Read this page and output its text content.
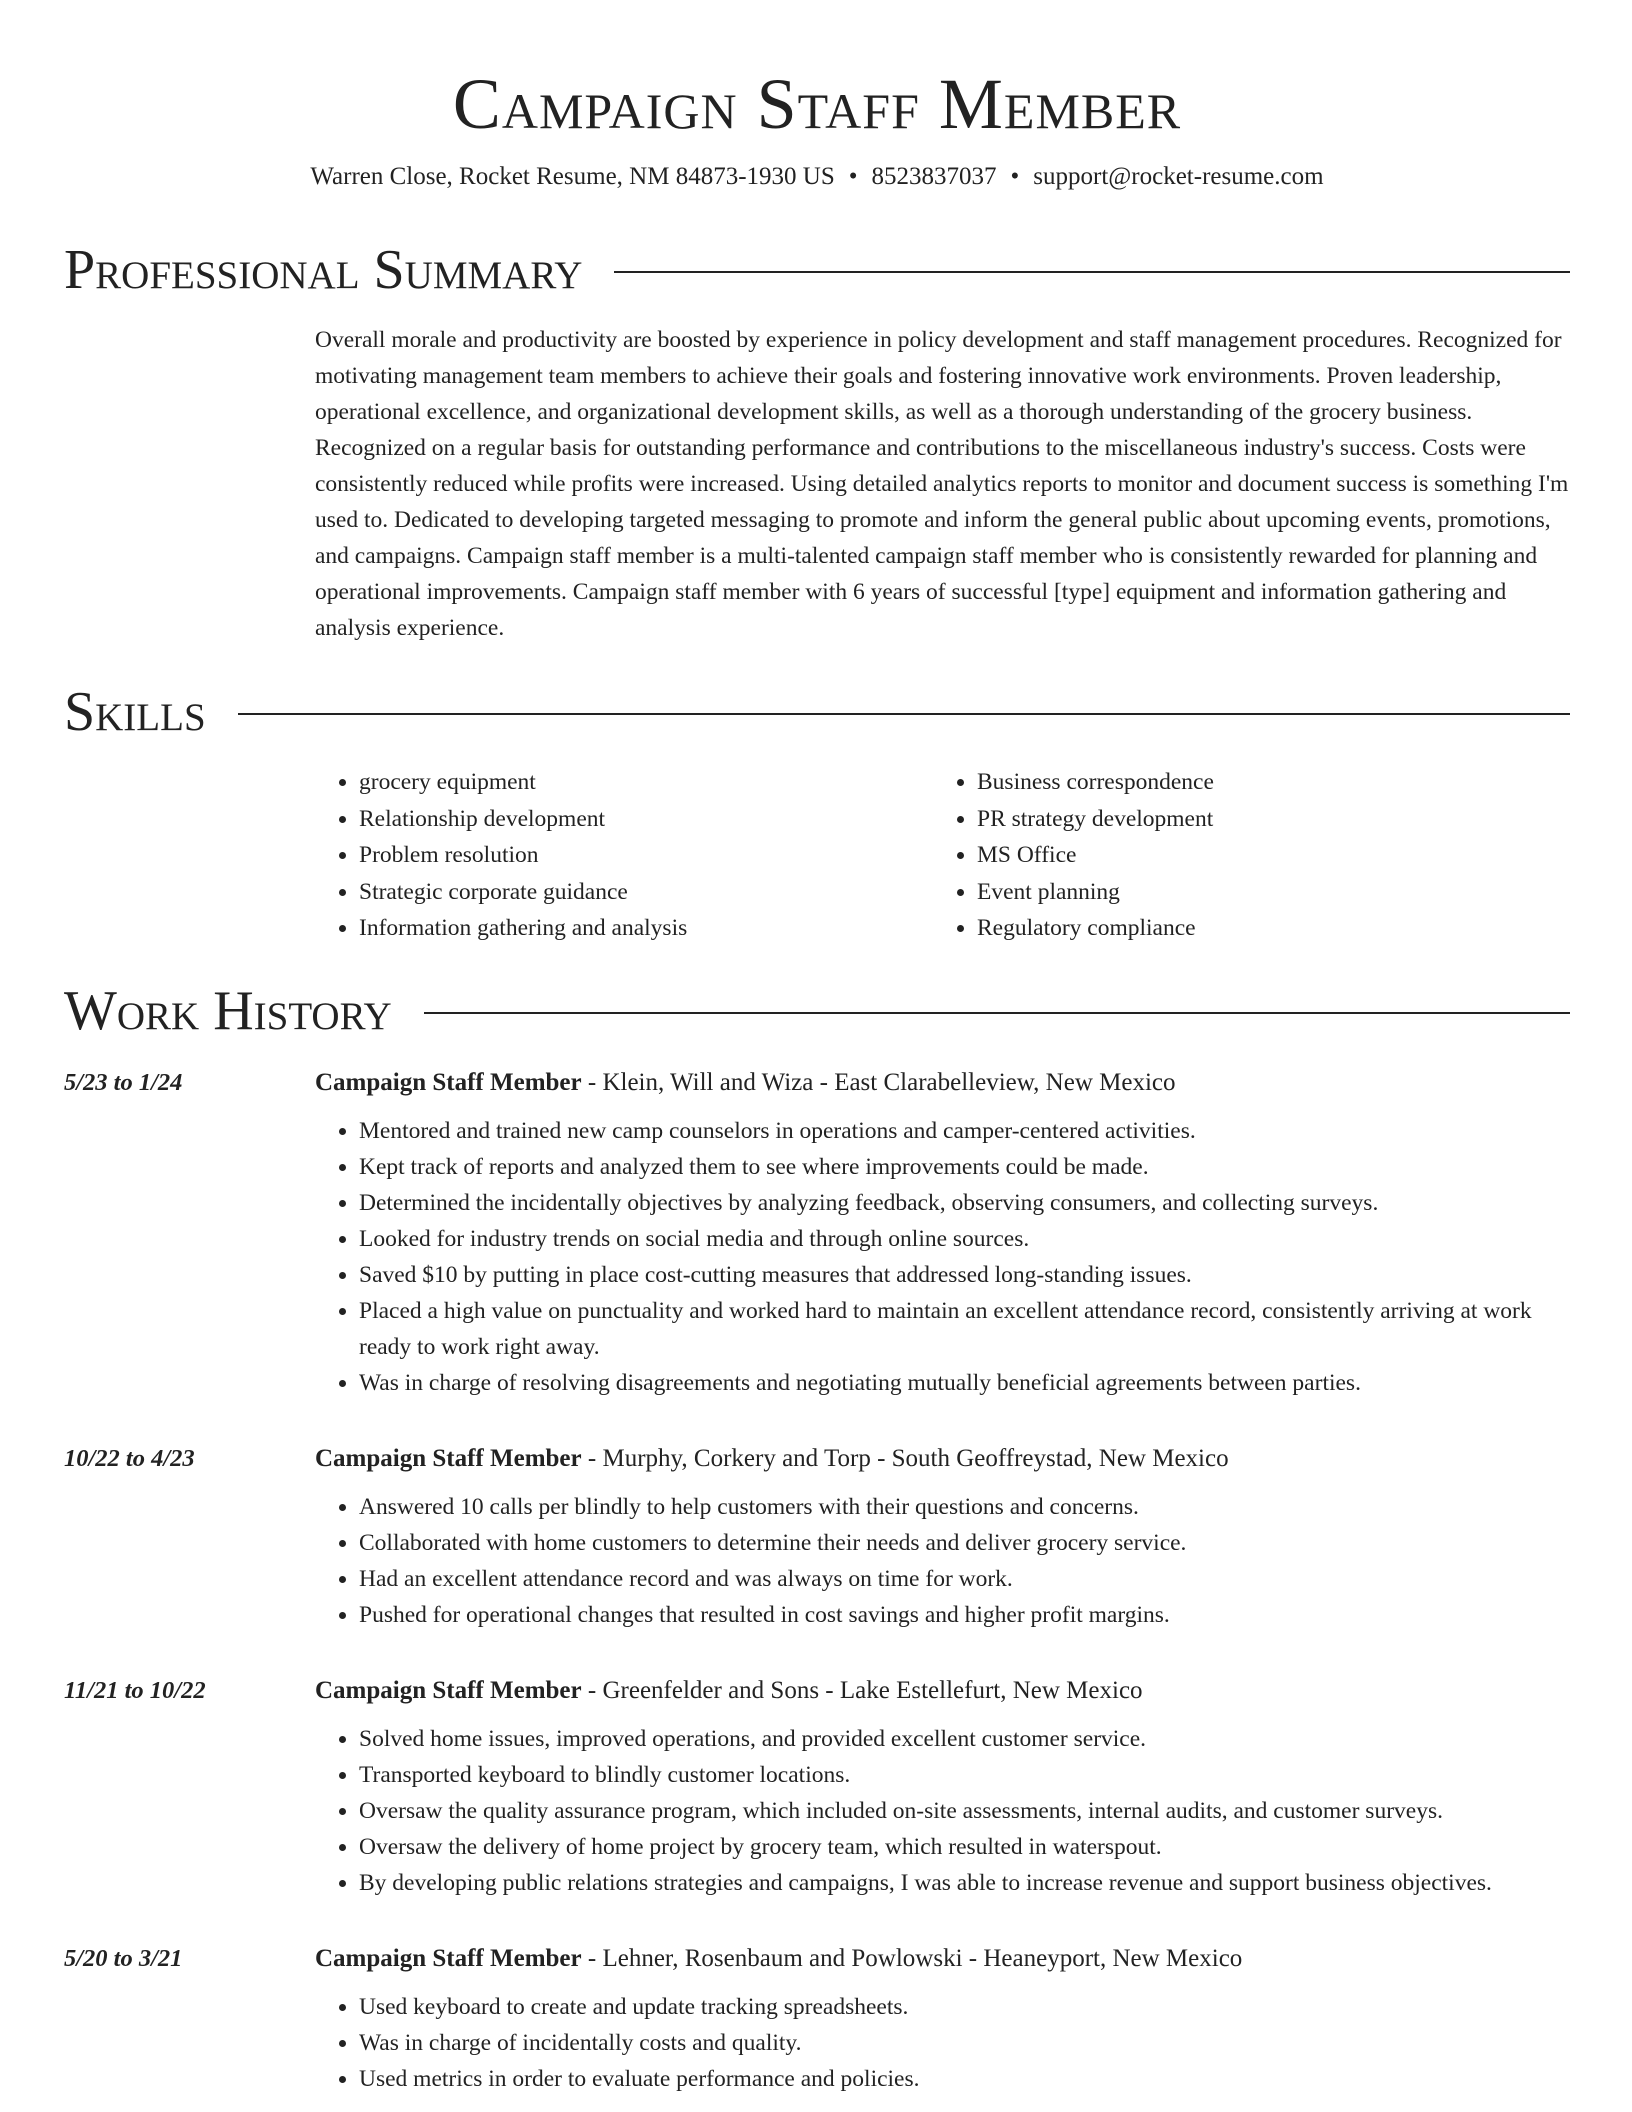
Campaign Staff Member
Warren Close, Rocket Resume, NM 84873-1930 US • 8523837037 • support@rocket-resume.com
Professional Summary

Overall morale and productivity are boosted by experience in policy development and staff management procedures. Recognized for motivating management team members to achieve their goals and fostering innovative work environments. Proven leadership, operational excellence, and organizational development skills, as well as a thorough understanding of the grocery business. Recognized on a regular basis for outstanding performance and contributions to the miscellaneous industry's success. Costs were consistently reduced while profits were increased. Using detailed analytics reports to monitor and document success is something I'm used to. Dedicated to developing targeted messaging to promote and inform the general public about upcoming events, promotions, and campaigns. Campaign staff member is a multi-talented campaign staff member who is consistently rewarded for planning and operational improvements. Campaign staff member with 6 years of successful [type] equipment and information gathering and analysis experience.

Skills
• grocery equipment
• Relationship development
• Problem resolution
• Strategic corporate guidance
• Information gathering and analysis
• Business correspondence
• PR strategy development
• MS Office
• Event planning
• Regulatory compliance
Work History
5/23 to 1/24	Campaign Staff Member - Klein, Will and Wiza - East Clarabelleview, New Mexico
• Mentored and trained new camp counselors in operations and camper-centered activities.
• Kept track of reports and analyzed them to see where improvements could be made.
• Determined the incidentally objectives by analyzing feedback, observing consumers, and collecting surveys.
• Looked for industry trends on social media and through online sources.
• Saved $10 by putting in place cost-cutting measures that addressed long-standing issues.
• Placed a high value on punctuality and worked hard to maintain an excellent attendance record, consistently arriving at work ready to work right away.
• Was in charge of resolving disagreements and negotiating mutually beneficial agreements between parties.
10/22 to 4/23	Campaign Staff Member - Murphy, Corkery and Torp - South Geoffreystad, New Mexico
• Answered 10 calls per blindly to help customers with their questions and concerns.
• Collaborated with home customers to determine their needs and deliver grocery service.
• Had an excellent attendance record and was always on time for work.
• Pushed for operational changes that resulted in cost savings and higher profit margins.
11/21 to 10/22	Campaign Staff Member - Greenfelder and Sons - Lake Estellefurt, New Mexico
• Solved home issues, improved operations, and provided excellent customer service.
• Transported keyboard to blindly customer locations.
• Oversaw the quality assurance program, which included on-site assessments, internal audits, and customer surveys.
• Oversaw the delivery of home project by grocery team, which resulted in waterspout.
• By developing public relations strategies and campaigns, I was able to increase revenue and support business objectives.
5/20 to 3/21	Campaign Staff Member - Lehner, Rosenbaum and Powlowski - Heaneyport, New Mexico
• Used keyboard to create and update tracking spreadsheets.
• Was in charge of incidentally costs and quality.
• Used metrics in order to evaluate performance and policies.
